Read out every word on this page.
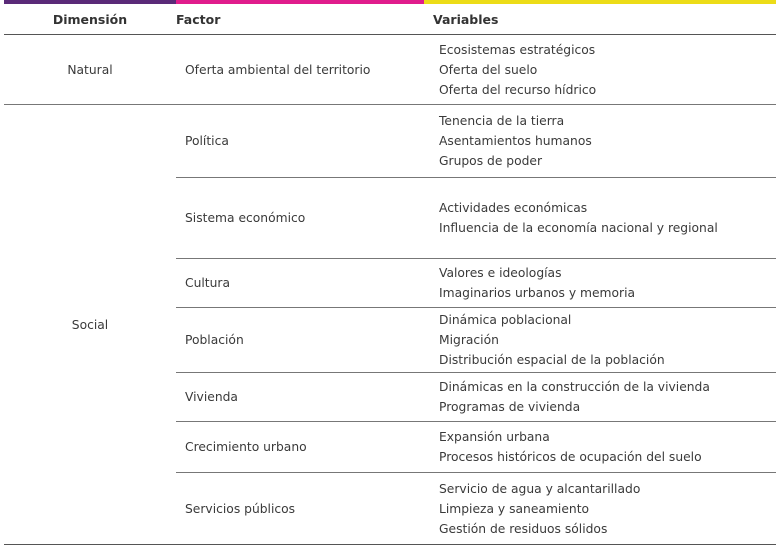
Dimensión	Factor	Variables
Natural	Oferta ambiental del territorio	Ecosistemas estratégicos
Oferta del suelo
Oferta del recurso hídrico

Social	Política	Tenencia de la tierra
Asentamientos humanos
Grupos de poder

	Sistema económico	Actividades económicas
Influencia de la economía nacional y regional

	Cultura	Valores e ideologías
Imaginarios urbanos y memoria

	Población	Dinámica poblacional
Migración
Distribución espacial de la población

	Vivienda	Dinámicas en la construcción de la vivienda
Programas de vivienda

	Crecimiento urbano	Expansión urbana
Procesos históricos de ocupación del suelo

	Servicios públicos	Servicio de agua y alcantarillado
Limpieza y saneamiento
Gestión de residuos sólidos
